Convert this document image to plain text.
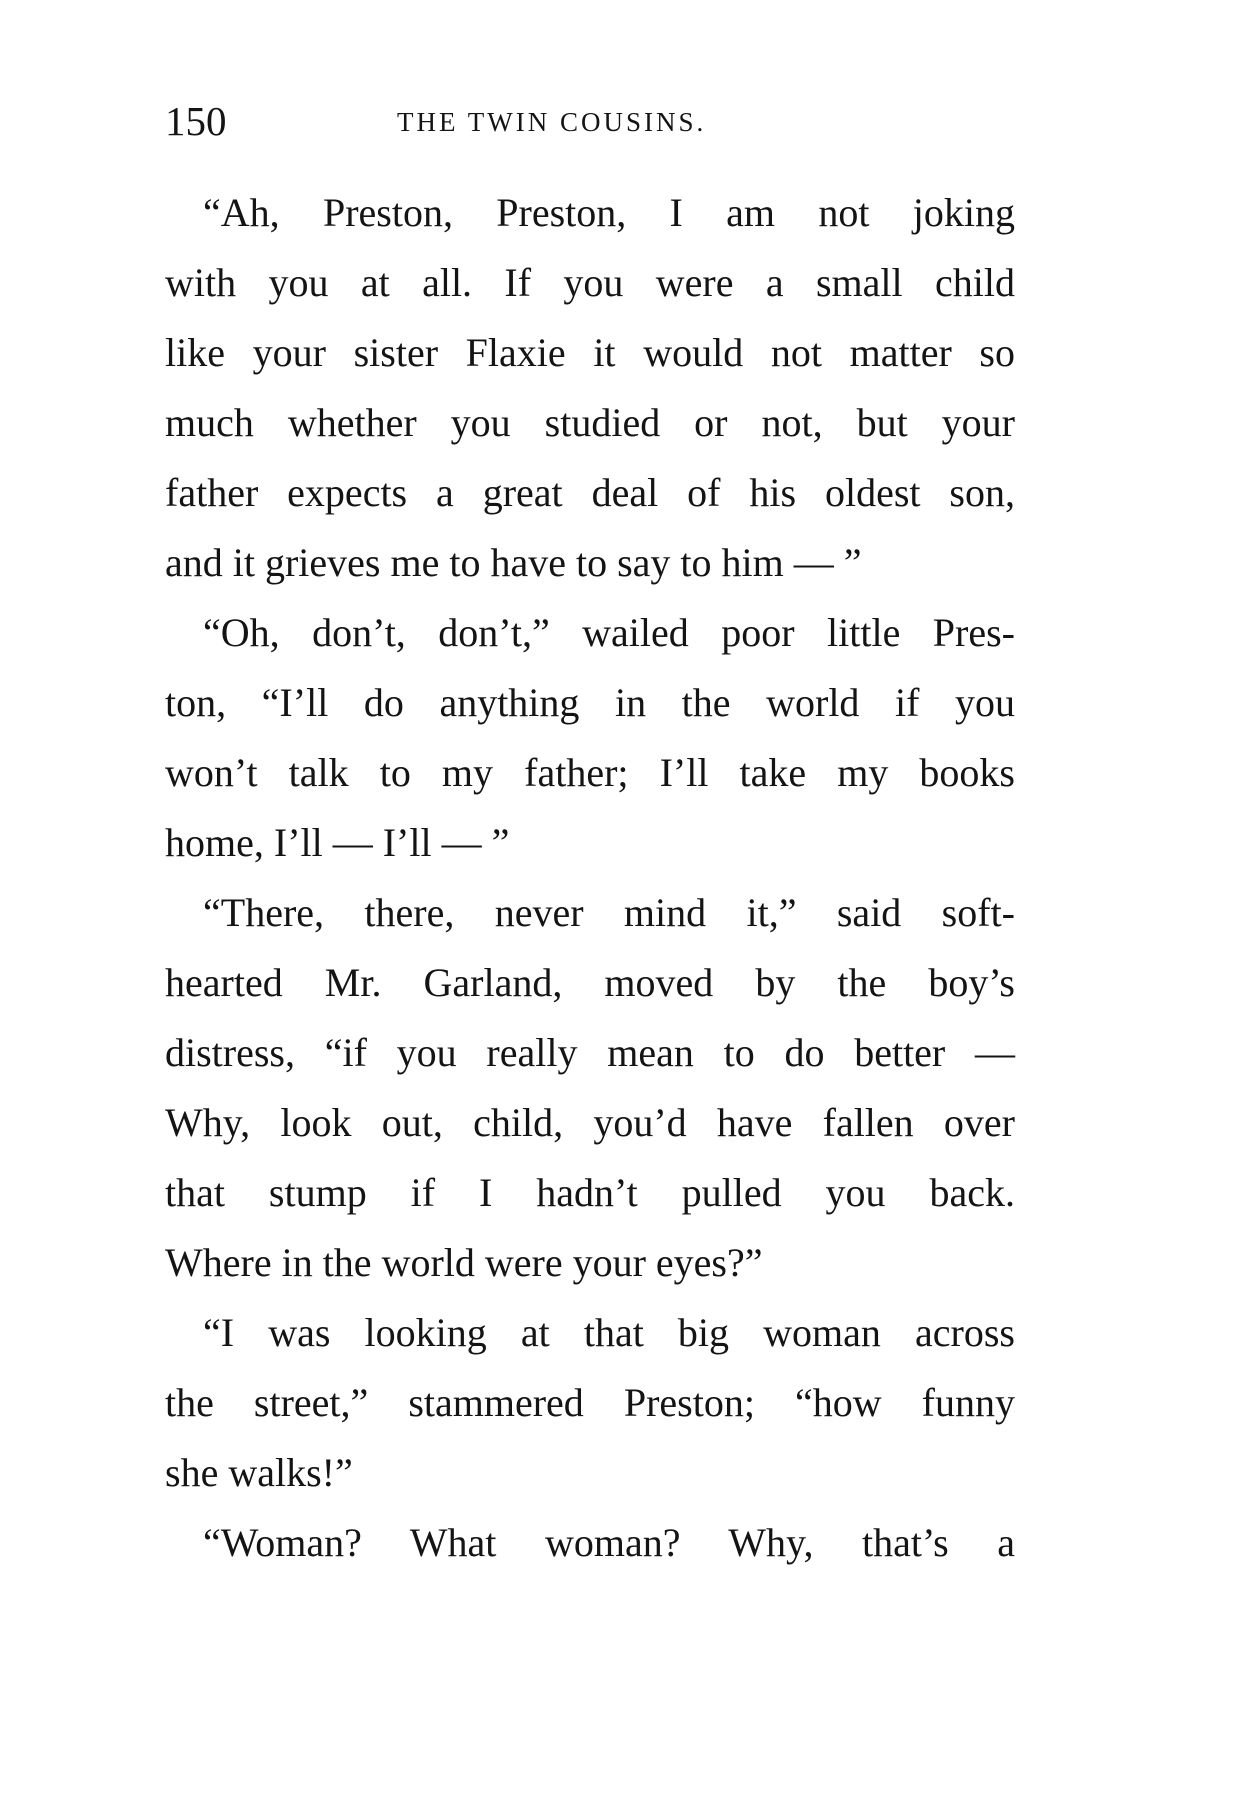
150	THE TWIN COUSINS.
“Ah, Preston, Preston, I am not joking
with you at all. If you were a small child
like your sister Flaxie it would not matter so
much whether you studied or not, but your
father expects a great deal of his oldest son,
and it grieves me to have to say to him — ”
“Oh, don’t, don’t,” wailed poor little Pres-
ton, “I’ll do anything in the world if you
won’t talk to my father; I’ll take my books
home, I’ll — I’ll — ”
“There, there, never mind it,” said soft-
hearted Mr. Garland, moved by the boy’s
distress, “if you really mean to do better —
Why, look out, child, you’d have fallen over
that stump if I hadn’t pulled you back.
Where in the world were your eyes?”
“I was looking at that big woman across
the street,” stammered Preston; “how funny
she walks!”
“Woman? What woman? Why, that’s a
